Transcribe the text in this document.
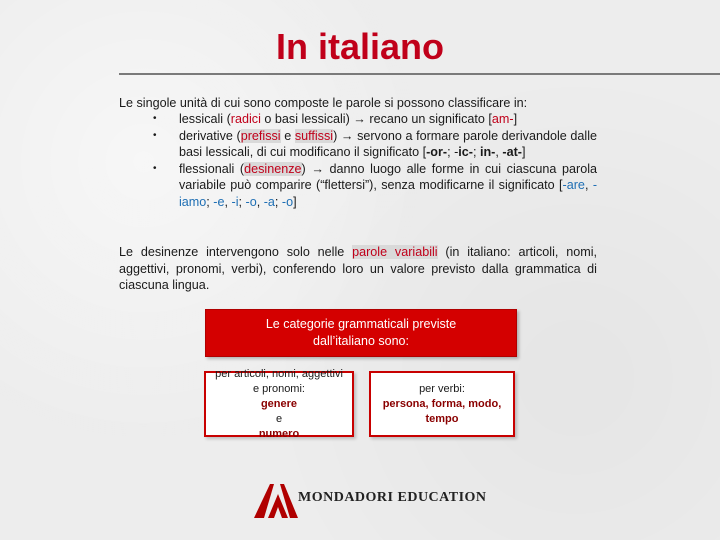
In italiano
Le singole unità di cui sono composte le parole si possono classificare in:
• lessicali (radici o basi lessicali) → recano un significato [am-]
• derivative (prefissi e suffissi) → servono a formare parole derivandole dalle basi lessicali, di cui modificano il significato [-or-; -ic-; in-, -at-]
• flessionali (desinenze) → danno luogo alle forme in cui ciascuna parola variabile può comparire (“flettersi”), senza modificarne il significato [-are, -iamo; -e, -i; -o, -a; -o]
Le desinenze intervengono solo nelle parole variabili (in italiano: articoli, nomi, aggettivi, pronomi, verbi), conferendo loro un valore previsto dalla grammatica di ciascuna lingua.
Le categorie grammaticali previste dall’italiano sono:
per articoli, nomi, aggettivi e pronomi:
genere
e
numero
per verbi:
persona, forma, modo, tempo
MONDADORI EDUCATION
